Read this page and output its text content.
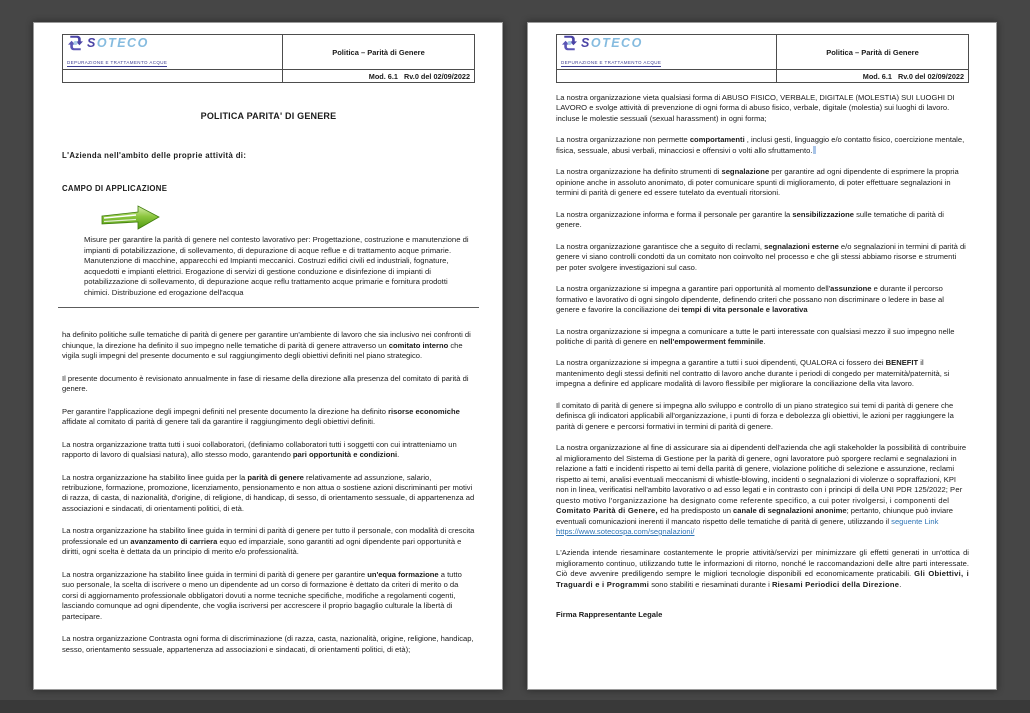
SOTECO
DEPURAZIONE E TRATTAMENTO ACQUE	Politica – Parità di Genere
	Mod. 6.1   Rv.0 del 02/09/2022
POLITICA PARITA' DI GENERE
L'Azienda nell'ambito delle proprie attività di:
CAMPO DI APPLICAZIONE
Misure per garantire la parità di genere nel contesto lavorativo per: Progettazione, costruzione e manutenzione di impianti di potabilizzazione, di sollevamento, di depurazione di acque reflue e di trattamento acque primarie. Manutenzione di macchine, apparecchi ed Impianti meccanici. Costruzi edifici civili ed industriali, fognature, acquedotti e impianti elettrici. Erogazione di servizi di gestione conduzione e disinfezione di impianti di potabilizzazione di sollevamento, di depurazione acque reflu trattamento acque primarie e fornitura prodotti chimici. Distribuzione ed erogazione dell'acqua

ha definito politiche sulle tematiche di parità di genere per garantire un'ambiente di lavoro che sia inclusivo nei confronti di chiunque, la direzione ha definito il suo impegno nelle tematiche di parità di genere attraverso un comitato interno che vigila sugli impegni del presente documento e sul raggiungimento degli obiettivi definiti nel piano strategico.

Il presente documento è revisionato annualmente in fase di riesame della direzione alla presenza del comitato di parità di genere.

Per garantire l'applicazione degli impegni definiti nel presente documento la direzione ha definito risorse economiche affidate al comitato di parità di genere tali da garantire il raggiungimento degli obiettivi definiti.

La nostra organizzazione tratta tutti i suoi collaboratori, (definiamo collaboratori tutti i soggetti con cui intratteniamo un rapporto di lavoro di qualsiasi natura), allo stesso modo, garantendo pari opportunità e condizioni.

La nostra organizzazione ha stabilito linee guida per la parità di genere relativamente ad assunzione, salario, retribuzione, formazione, promozione, licenziamento, pensionamento e non attua o sostiene azioni discriminanti per motivi di razza, di casta, di nazionalità, d'origine, di religione, di handicap, di sesso, di orientamento sessuale, di appartenenza ad associazioni e sindacati, di orientamenti politici, di età.

La nostra organizzazione ha stabilito linee guida in termini di parità di genere per tutto il personale, con modalità di crescita professionale ed un avanzamento di carriera equo ed imparziale, sono garantiti ad ogni dipendente pari opportunità e diritti, ogni scelta è dettata da un principio di merito e/o professionalità.

La nostra organizzazione ha stabilito linee guida in termini di parità di genere per garantire un'equa formazione a tutto suo personale, la scelta di iscrivere o meno un dipendente ad un corso di formazione è dettato da criteri di merito o da corsi di aggiornamento professionale obbligatori dovuti a norme tecniche specifiche, modifiche a regolamenti cogenti, lasciando comunque ad ogni dipendente, che voglia iscriversi per accrescere il proprio bagaglio culturale la libertà di partecipare.

La nostra organizzazione Contrasta ogni forma di discriminazione (di razza, casta, nazionalità, origine, religione, handicap, sesso, orientamento sessuale, appartenenza ad associazioni e sindacati, di orientamenti politici, di età);

SOTECO
DEPURAZIONE E TRATTAMENTO ACQUE	Politica – Parità di Genere
	Mod. 6.1   Rv.0 del 02/09/2022

La nostra organizzazione vieta qualsiasi forma di ABUSO FISICO, VERBALE, DIGITALE (MOLESTIA) SUI LUOGHI DI LAVORO e svolge attività di prevenzione di ogni forma di abuso fisico, verbale, digitale (molestia) sui luoghi di lavoro. incluse le molestie sessuali (sexual harassment) in ogni forma;

La nostra organizzazione non permette comportamenti , inclusi gesti, linguaggio e/o contatto fisico, coercizione mentale, fisica, sessuale, abusi verbali, minacciosi e offensivi o volti allo sfruttamento.

La nostra organizzazione ha definito strumenti di segnalazione per garantire ad ogni dipendente di esprimere la propria opinione anche in assoluto anonimato, di poter comunicare spunti di miglioramento, di poter effettuare segnalazioni in termini di parità di genere ed essere tutelato da eventuali ritorsioni.

La nostra organizzazione informa e forma il personale per garantire la sensibilizzazione sulle tematiche di parità di genere.

La nostra organizzazione garantisce che a seguito di reclami, segnalazioni esterne e/o segnalazioni in termini di parità di genere vi siano controlli condotti da un comitato non coinvolto nel processo e che gli stessi abbiamo risorse e strumenti per poter svolgere investigazioni sul caso.

La nostra organizzazione si impegna a garantire pari opportunità al momento dell'assunzione e durante il percorso formativo e lavorativo di ogni singolo dipendente, definendo criteri che possano non discriminare o ledere in base al genere e favorire la conciliazione dei tempi di vita personale e lavorativa

La nostra organizzazione si impegna a comunicare a tutte le parti interessate con qualsiasi mezzo il suo impegno nelle politiche di parità di genere en nell'empowerment femminile.

La nostra organizzazione si impegna a garantire a tutti i suoi dipendenti, QUALORA ci fossero dei BENEFIT il mantenimento degli stessi definiti nel contratto di lavoro anche durante i periodi di congedo per maternità/paternità, si impegna a definire ed applicare modalità di lavoro flessibile per migliorare la conciliazione della vita lavoro.

Il comitato di parità di genere si impegna allo sviluppo e controllo di un piano strategico sui temi di parità di genere che definisca gli indicatori applicabili all'organizzazione, i punti di forza e debolezza gli obiettivi, le azioni per raggiungere la parità di genere e percorsi formativi in termini di parità di genere.

La nostra organizzazione al fine di assicurare sia ai dipendenti dell'azienda che agli stakeholder la possibilità di contribuire al miglioramento del Sistema di Gestione per la parità di genere, ogni lavoratore può sporgere reclami e segnalazioni in relazione a fatti e incidenti rispetto ai temi della parità di genere, violazione politiche di selezione e assunzione, reclami rispetto ai temi, analisi eventuali meccanismi di whistle-blowing, incidenti o segnalazioni di violenze o sopraffazioni, KPI non in linea, verificatisi nell'ambito lavorativo o ad esso legati e in contrasto con i principi di della UNI PDR 125/2022; Per questo motivo l'organizzazione ha designato come referente specifico, a cui poter rivolgersi, i componenti del Comitato Parità di Genere, ed ha predisposto un canale di segnalazioni anonime; pertanto, chiunque può inviare eventuali comunicazioni inerenti il mancato rispetto delle tematiche di parità di genere, utilizzando il seguente Link https://www.sotecospa.com/segnalazioni/

L'Azienda intende riesaminare costantemente le proprie attività/servizi per minimizzare gli effetti generati in un'ottica di miglioramento continuo, utilizzando tutte le informazioni di ritorno, nonché le raccomandazioni delle altre parti interessate. Ciò deve avvenire prediligendo sempre le migliori tecnologie disponibili ed economicamente praticabili. Gli Obiettivi, i Traguardi e i Programmi sono stabiliti e riesaminati durante i Riesami Periodici della Direzione.

Firma Rappresentante Legale
